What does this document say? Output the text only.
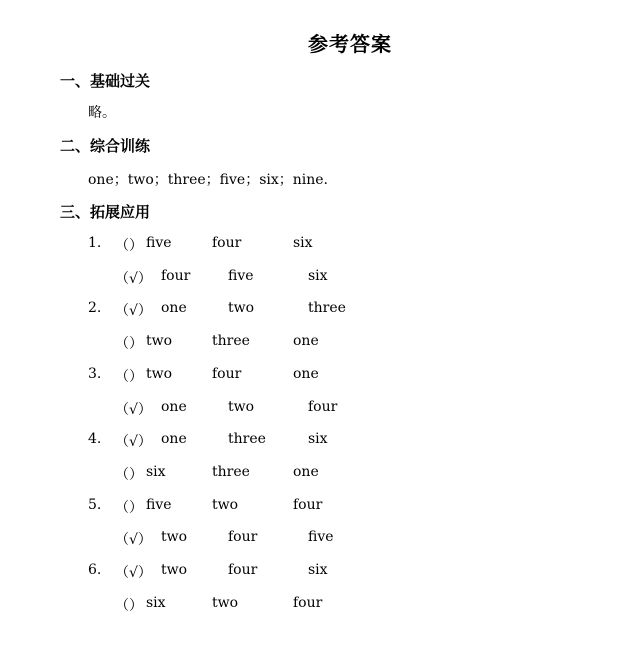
参考答案
一、基础过关
略。
二、综合训练
one；two；three；five；six；nine.
三、拓展应用
1. （） five	four	six
（√） four	five	six
2. （√） one	two	three
（） two	three	one
3. （） two	four	one
（√） one	two	four
4. （√） one	three	six
（） six	three	one
5. （） five	two	four
（√） two	four	five
6. （√） two	four	six
（） six	two	four
